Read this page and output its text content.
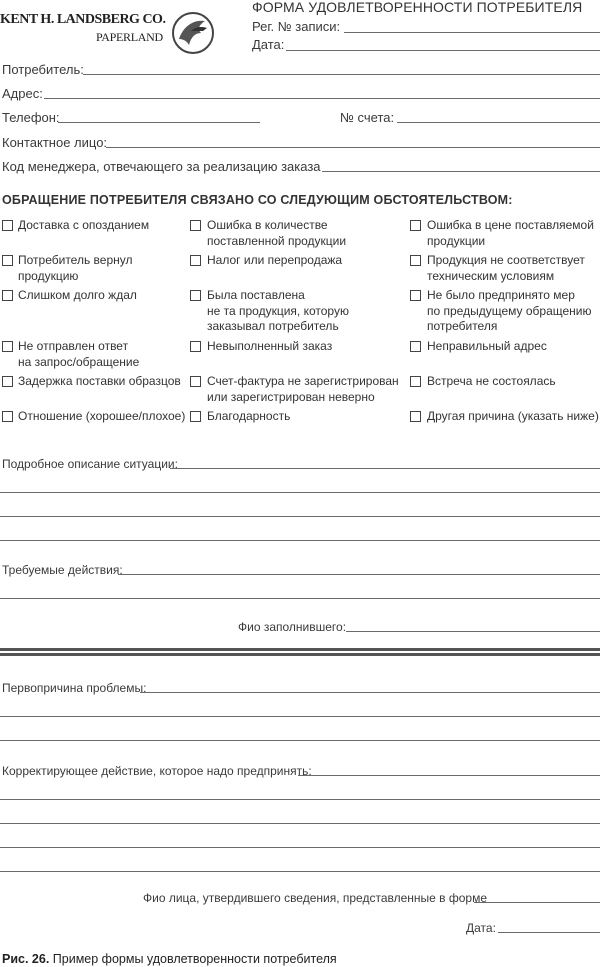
KENT H. LANDSBERG CO.
PAPERLAND
ФОРМА УДОВЛЕТВОРЕННОСТИ ПОТРЕБИТЕЛЯ
Рег. № записи:
Дата:
Потребитель:
Адрес:
Телефон:	№ счета:
Контактное лицо:
Код менеджера, отвечающего за реализацию заказа
ОБРАЩЕНИЕ ПОТРЕБИТЕЛЯ СВЯЗАНО СО СЛЕДУЮЩИМ ОБСТОЯТЕЛЬСТВОМ:
Доставка с опозданием
Потребитель вернул
продукцию
Слишком долго ждал
Не отправлен ответ
на запрос/обращение
Задержка поставки образцов
Отношение (хорошее/плохое)
Ошибка в количестве
поставленной продукции
Налог или перепродажа
Была поставлена
не та продукция, которую
заказывал потребитель
Невыполненный заказ
Счет-фактура не зарегистрирован
или зарегистрирован неверно
Благодарность
Ошибка в цене поставляемой
продукции
Продукция не соответствует
техническим условиям
Не было предпринято мер
по предыдущему обращению
потребителя
Неправильный адрес
Встреча не состоялась
Другая причина (указать ниже)
Подробное описание ситуации:
Требуемые действия:
Фио заполнившего:
Первопричина проблемы:
Корректирующее действие, которое надо предпринять:
Фио лица, утвердившего сведения, представленные в форме
Дата:
Рис. 26. Пример формы удовлетворенности потребителя
